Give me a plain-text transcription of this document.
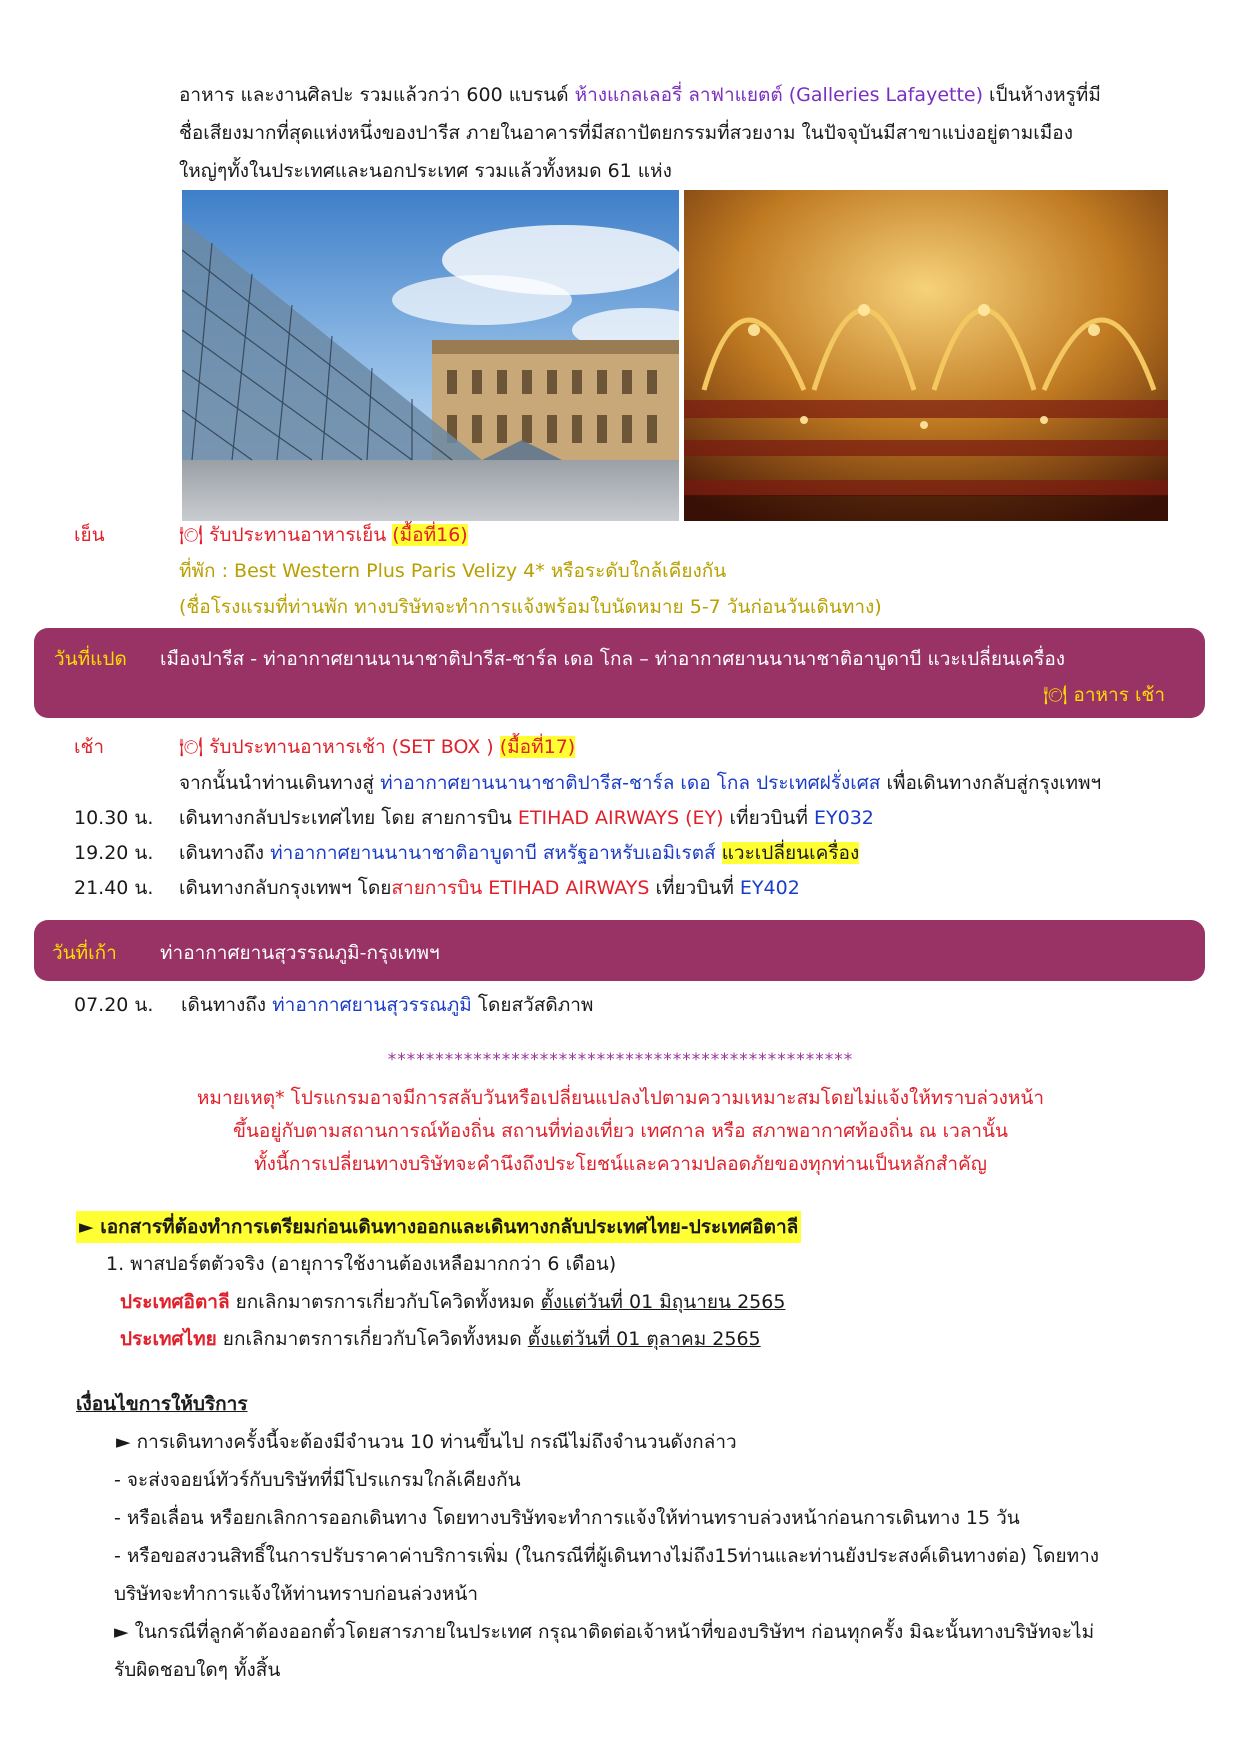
อาหาร และงานศิลปะ รวมแล้วกว่า 600 แบรนด์ ห้างแกลเลอรี่ ลาฟาแยตต์ (Galleries Lafayette) เป็นห้างหรูที่มี
ชื่อเสียงมากที่สุดแห่งหนึ่งของปารีส ภายในอาคารที่มีสถาปัตยกรรมที่สวยงาม ในปัจจุบันมีสาขาแบ่งอยู่ตามเมือง
ใหญ่ๆทั้งในประเทศและนอกประเทศ รวมแล้วทั้งหมด 61 แห่ง
เย็น	🍽 รับประทานอาหารเย็น (มื้อที่16)
ที่พัก : Best Western Plus Paris Velizy 4* หรือระดับใกล้เคียงกัน
(ชื่อโรงแรมที่ท่านพัก ทางบริษัทจะทำการแจ้งพร้อมใบนัดหมาย 5-7 วันก่อนวันเดินทาง)
วันที่แปด เมืองปารีส - ท่าอากาศยานนานาชาติปารีส-ชาร์ล เดอ โกล – ท่าอากาศยานนานาชาติอาบูดาบี แวะเปลี่ยนเครื่อง
🍽 อาหาร เช้า
เช้า	🍽 รับประทานอาหารเช้า (SET BOX ) (มื้อที่17)
จากนั้นนำท่านเดินทางสู่ ท่าอากาศยานนานาชาติปารีส-ชาร์ล เดอ โกล ประเทศฝรั่งเศส เพื่อเดินทางกลับสู่กรุงเทพฯ
10.30 น. เดินทางกลับประเทศไทย โดย สายการบิน ETIHAD AIRWAYS (EY) เที่ยวบินที่ EY032
19.20 น. เดินทางถึง ท่าอากาศยานนานาชาติอาบูดาบี สหรัฐอาหรับเอมิเรตส์ แวะเปลี่ยนเครื่อง
21.40 น. เดินทางกลับกรุงเทพฯ โดยสายการบิน ETIHAD AIRWAYS เที่ยวบินที่ EY402
วันที่เก้า ท่าอากาศยานสุวรรณภูมิ-กรุงเทพฯ
07.20 น. เดินทางถึง ท่าอากาศยานสุวรรณภูมิ โดยสวัสดิภาพ
*************************************************
หมายเหตุ* โปรแกรมอาจมีการสลับวันหรือเปลี่ยนแปลงไปตามความเหมาะสมโดยไม่แจ้งให้ทราบล่วงหน้า
ขึ้นอยู่กับตามสถานการณ์ท้องถิ่น สถานที่ท่องเที่ยว เทศกาล หรือ สภาพอากาศท้องถิ่น ณ เวลานั้น
ทั้งนี้การเปลี่ยนทางบริษัทจะคำนึงถึงประโยชน์และความปลอดภัยของทุกท่านเป็นหลักสำคัญ
► เอกสารที่ต้องทำการเตรียมก่อนเดินทางออกและเดินทางกลับประเทศไทย-ประเทศอิตาลี
1. พาสปอร์ตตัวจริง (อายุการใช้งานต้องเหลือมากกว่า 6 เดือน)
ประเทศอิตาลี ยกเลิกมาตรการเกี่ยวกับโควิดทั้งหมด ตั้งแต่วันที่ 01 มิถุนายน 2565
ประเทศไทย ยกเลิกมาตรการเกี่ยวกับโควิดทั้งหมด ตั้งแต่วันที่ 01 ตุลาคม 2565
เงื่อนไขการให้บริการ
► การเดินทางครั้งนี้จะต้องมีจำนวน 10 ท่านขึ้นไป กรณีไม่ถึงจำนวนดังกล่าว
- จะส่งจอยน์ทัวร์กับบริษัทที่มีโปรแกรมใกล้เคียงกัน
- หรือเลื่อน หรือยกเลิกการออกเดินทาง โดยทางบริษัทจะทำการแจ้งให้ท่านทราบล่วงหน้าก่อนการเดินทาง 15 วัน
- หรือขอสงวนสิทธิ์ในการปรับราคาค่าบริการเพิ่ม (ในกรณีที่ผู้เดินทางไม่ถึง15ท่านและท่านยังประสงค์เดินทางต่อ) โดยทาง
บริษัทจะทำการแจ้งให้ท่านทราบก่อนล่วงหน้า
► ในกรณีที่ลูกค้าต้องออกตั๋วโดยสารภายในประเทศ กรุณาติดต่อเจ้าหน้าที่ของบริษัทฯ ก่อนทุกครั้ง มิฉะนั้นทางบริษัทจะไม่
รับผิดชอบใดๆ ทั้งสิ้น
